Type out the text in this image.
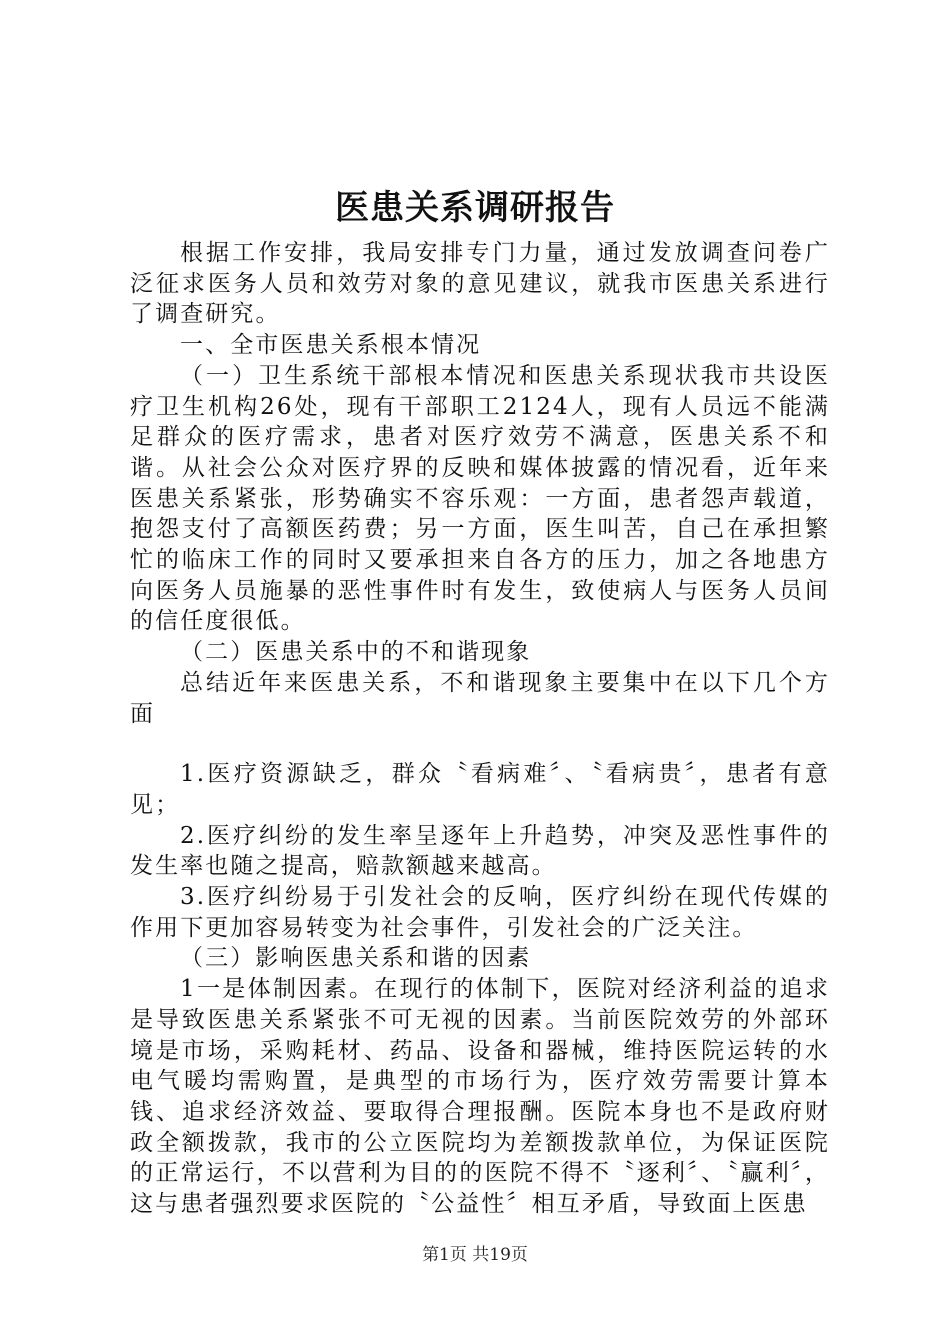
医患关系调研报告

根据工作安排，我局安排专门力量，通过发放调查问卷广泛征求医务人员和效劳对象的意见建议，就我市医患关系进行了调查研究。

一、全市医患关系根本情况

（一）卫生系统干部根本情况和医患关系现状我市共设医疗卫生机构26处，现有干部职工2124人，现有人员远不能满足群众的医疗需求，患者对医疗效劳不满意，医患关系不和谐。从社会公众对医疗界的反映和媒体披露的情况看，近年来医患关系紧张，形势确实不容乐观：一方面，患者怨声载道，抱怨支付了高额医药费；另一方面，医生叫苦，自己在承担繁忙的临床工作的同时又要承担来自各方的压力，加之各地患方向医务人员施暴的恶性事件时有发生，致使病人与医务人员间的信任度很低。

（二）医患关系中的不和谐现象

总结近年来医患关系，不和谐现象主要集中在以下几个方面

1.医疗资源缺乏，群众〝看病难〞、〝看病贵〞，患者有意见；

2.医疗纠纷的发生率呈逐年上升趋势，冲突及恶性事件的发生率也随之提高，赔款额越来越高。

3.医疗纠纷易于引发社会的反响，医疗纠纷在现代传媒的作用下更加容易转变为社会事件，引发社会的广泛关注。

（三）影响医患关系和谐的因素

1一是体制因素。在现行的体制下，医院对经济利益的追求是导致医患关系紧张不可无视的因素。当前医院效劳的外部环境是市场，采购耗材、药品、设备和器械，维持医院运转的水电气暖均需购置，是典型的市场行为，医疗效劳需要计算本钱、追求经济效益、要取得合理报酬。医院本身也不是政府财政全额拨款，我市的公立医院均为差额拨款单位，为保证医院的正常运行，不以营利为目的的医院不得不〝逐利〞、〝赢利〞，这与患者强烈要求医院的〝公益性〞相互矛盾，导致面上医患

第1页 共19页
